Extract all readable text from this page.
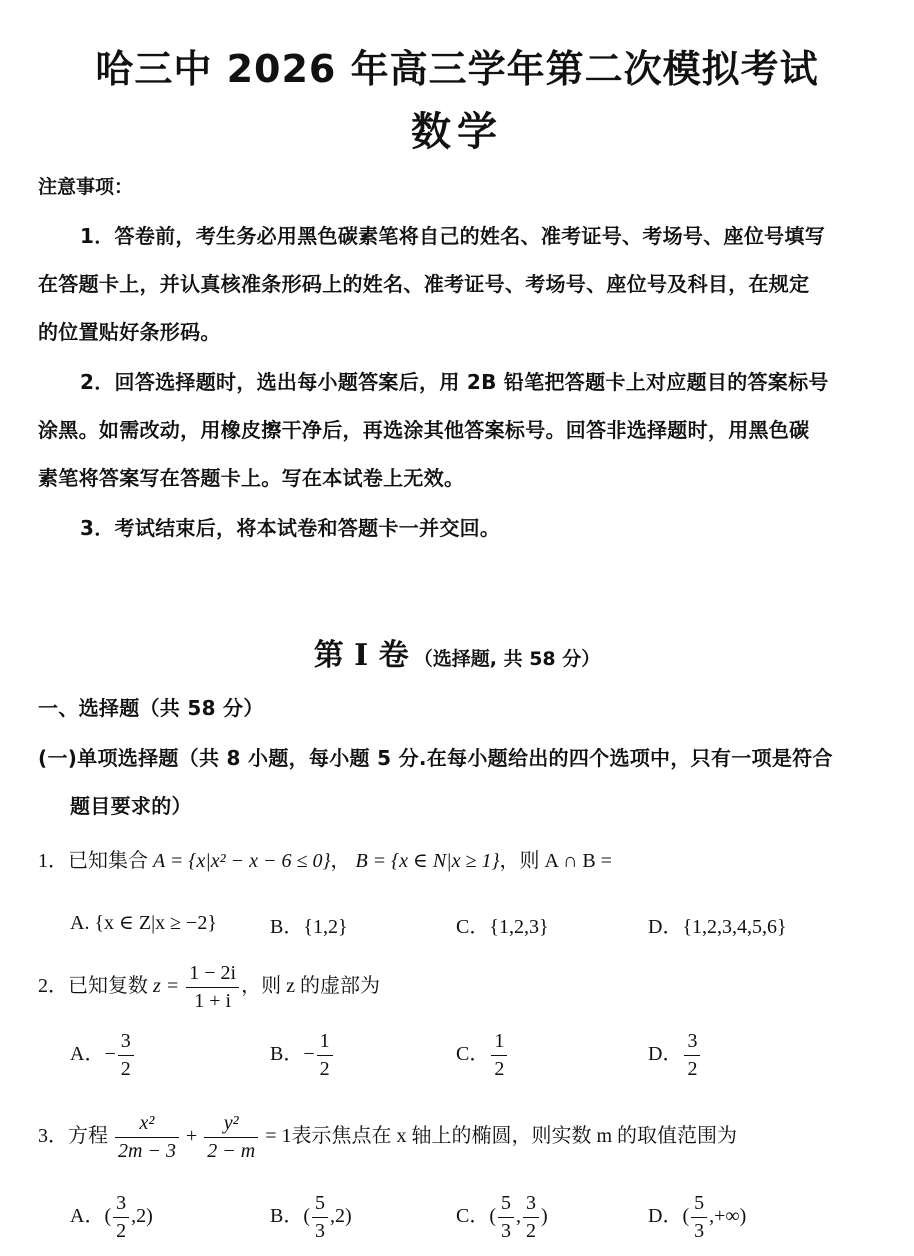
哈三中 2026 年高三学年第二次模拟考试
数学
注意事项：
1．答卷前，考生务必用黑色碳素笔将自己的姓名、准考证号、考场号、座位号填写
在答题卡上，并认真核准条形码上的姓名、准考证号、考场号、座位号及科目，在规定
的位置贴好条形码。
2．回答选择题时，选出每小题答案后，用 2B 铅笔把答题卡上对应题目的答案标号
涂黑。如需改动，用橡皮擦干净后，再选涂其他答案标号。回答非选择题时，用黑色碳
素笔将答案写在答题卡上。写在本试卷上无效。
3．考试结束后，将本试卷和答题卡一并交回。
第 I 卷 （选择题, 共 58 分）
一、选择题（共 58 分）
(一)单项选择题（共 8 小题，每小题 5 分.在每小题给出的四个选项中，只有一项是符合
题目要求的）
1．已知集合 A = {x|x² − x − 6 ≤ 0}， B = {x ∈ N|x ≥ 1}，则 A ∩ B =
A. {x ∈ Z|x ≥ −2}	B．{1,2}	C．{1,2,3}	D．{1,2,3,4,5,6}
2．已知复数 $z = \frac{1 - 2i}{1 + i}$ ，则 z 的虚部为
A．− $\frac{3}{2}$	B．− $\frac{1}{2}$	C． $\frac{1}{2}$	D． $\frac{3}{2}$
3．方程 $\frac{\text{x²}}{2m - 3} + \frac{\text{y²}}{2 - m} = 1$表示焦点在 x 轴上的椭圆，则实数 m 的取值范围为
A．( $\frac{3}{2} ,2$)	B．( $\frac{5}{3} ,2$)	C．( $\frac{5}{3}$ , $\frac{3}{2}$ )	D．( $\frac{5}{3}$ ,+∞)
